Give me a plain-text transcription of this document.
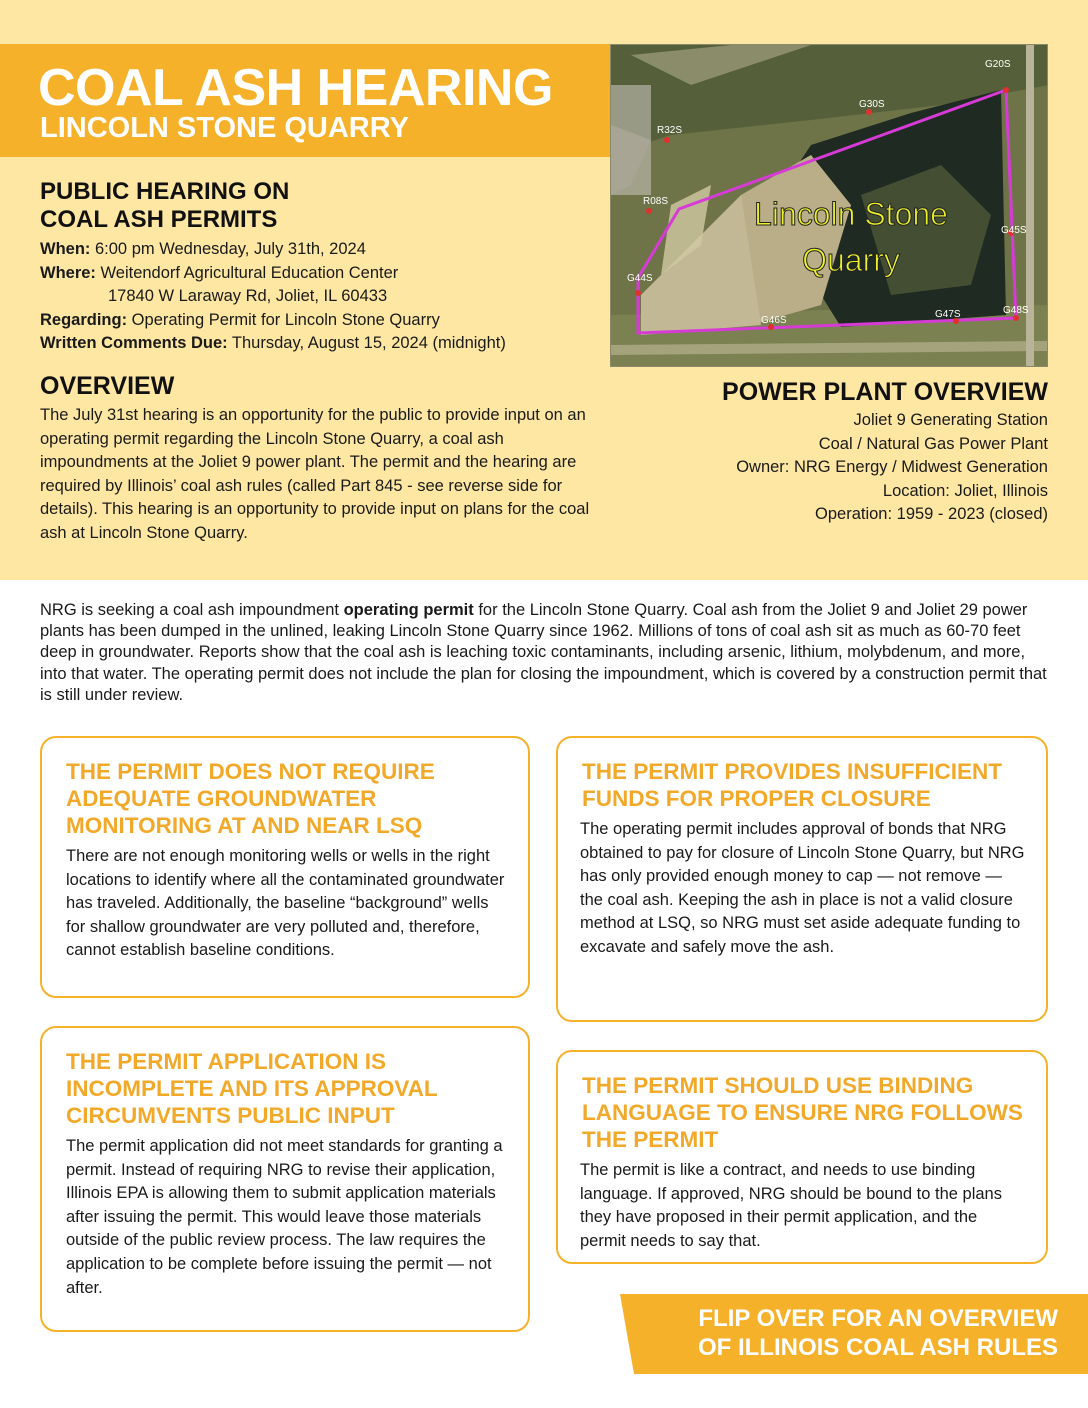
COAL ASH HEARING
LINCOLN STONE QUARRY
G20S
G30S
R32S
R08S
G45S
G44S
G46S
G47S	G48S
Lincoln Stone
Quarry
PUBLIC HEARING ON
COAL ASH PERMITS
When: 6:00 pm Wednesday, July 31th, 2024
Where: Weitendorf Agricultural Education Center
17840 W Laraway Rd, Joliet, IL 60433
Regarding: Operating Permit for Lincoln Stone Quarry
Written Comments Due: Thursday, August 15, 2024 (midnight)
OVERVIEW
The July 31st hearing is an opportunity for the public to provide input on an operating permit regarding the Lincoln Stone Quarry, a coal ash impoundments at the Joliet 9 power plant. The permit and the hearing are required by Illinois’ coal ash rules (called Part 845 - see reverse side for details). This hearing is an opportunity to provide input on plans for the coal ash at Lincoln Stone Quarry.
POWER PLANT OVERVIEW
Joliet 9 Generating Station
Coal / Natural Gas Power Plant
Owner: NRG Energy / Midwest Generation
Location: Joliet, Illinois
Operation: 1959 - 2023 (closed)
NRG is seeking a coal ash impoundment operating permit for the Lincoln Stone Quarry. Coal ash from the Joliet 9 and Joliet 29 power plants has been dumped in the unlined, leaking Lincoln Stone Quarry since 1962. Millions of tons of coal ash sit as much as 60-70 feet deep in groundwater. Reports show that the coal ash is leaching toxic contaminants, including arsenic, lithium, molybdenum, and more, into that water. The operating permit does not include the plan for closing the impoundment, which is covered by a construction permit that is still under review.
THE PERMIT DOES NOT REQUIRE ADEQUATE GROUNDWATER MONITORING AT AND NEAR LSQ
There are not enough monitoring wells or wells in the right locations to identify where all the contaminated groundwater has traveled. Additionally, the baseline “background” wells for shallow groundwater are very polluted and, therefore, cannot establish baseline conditions.
THE PERMIT PROVIDES INSUFFICIENT FUNDS FOR PROPER CLOSURE
The operating permit includes approval of bonds that NRG obtained to pay for closure of Lincoln Stone Quarry, but NRG has only provided enough money to cap — not remove — the coal ash. Keeping the ash in place is not a valid closure method at LSQ, so NRG must set aside adequate funding to excavate and safely move the ash.
THE PERMIT APPLICATION IS INCOMPLETE AND ITS APPROVAL CIRCUMVENTS PUBLIC INPUT
The permit application did not meet standards for granting a permit. Instead of requiring NRG to revise their application, Illinois EPA is allowing them to submit application materials after issuing the permit. This would leave those materials outside of the public review process. The law requires the application to be complete before issuing the permit — not after.
THE PERMIT SHOULD USE BINDING LANGUAGE TO ENSURE NRG FOLLOWS THE PERMIT
The permit is like a contract, and needs to use binding language. If approved, NRG should be bound to the plans they have proposed in their permit application, and the permit needs to say that.
FLIP OVER FOR AN OVERVIEW
OF ILLINOIS COAL ASH RULES
